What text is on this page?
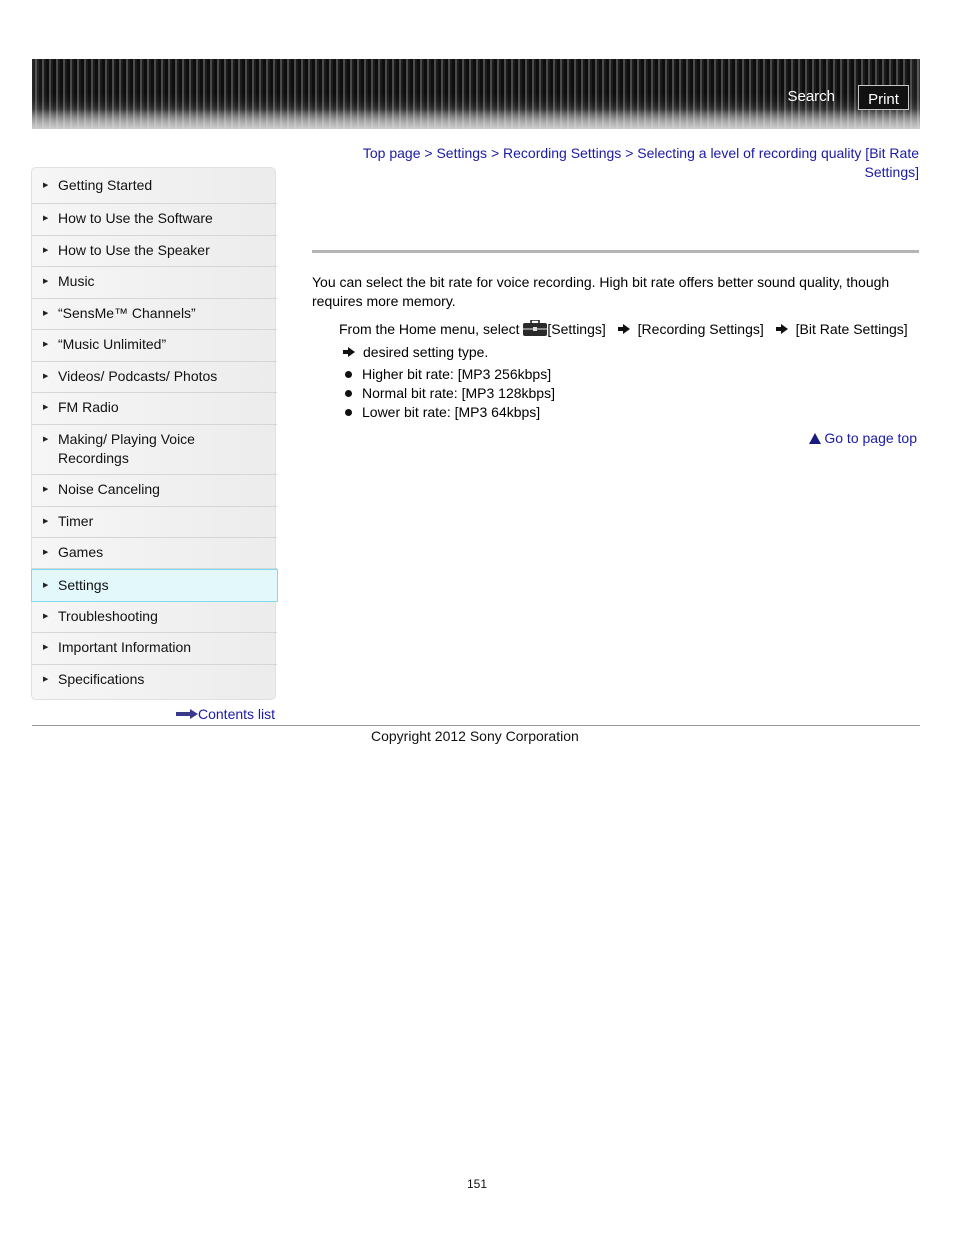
Search	Print
Top page > Settings > Recording Settings > Selecting a level of recording quality [Bit Rate Settings]
▶ Getting Started
▶ How to Use the Software
▶ How to Use the Speaker
▶ Music
▶ “SensMe™ Channels”
▶ “Music Unlimited”
▶ Videos/ Podcasts/ Photos
▶ FM Radio
▶ Making/ Playing Voice Recordings
▶ Noise Canceling
▶ Timer
▶ Games
▶ Settings
▶ Troubleshooting
▶ Important Information
▶ Specifications
Contents list

You can select the bit rate for voice recording. High bit rate offers better sound quality, though requires more memory.

From the Home menu, select [Settings] [Recording Settings] [Bit Rate Settings]
desired setting type.
Higher bit rate: [MP3 256kbps]
Normal bit rate: [MP3 128kbps]
Lower bit rate: [MP3 64kbps]
Go to page top
Copyright 2012 Sony Corporation
151
